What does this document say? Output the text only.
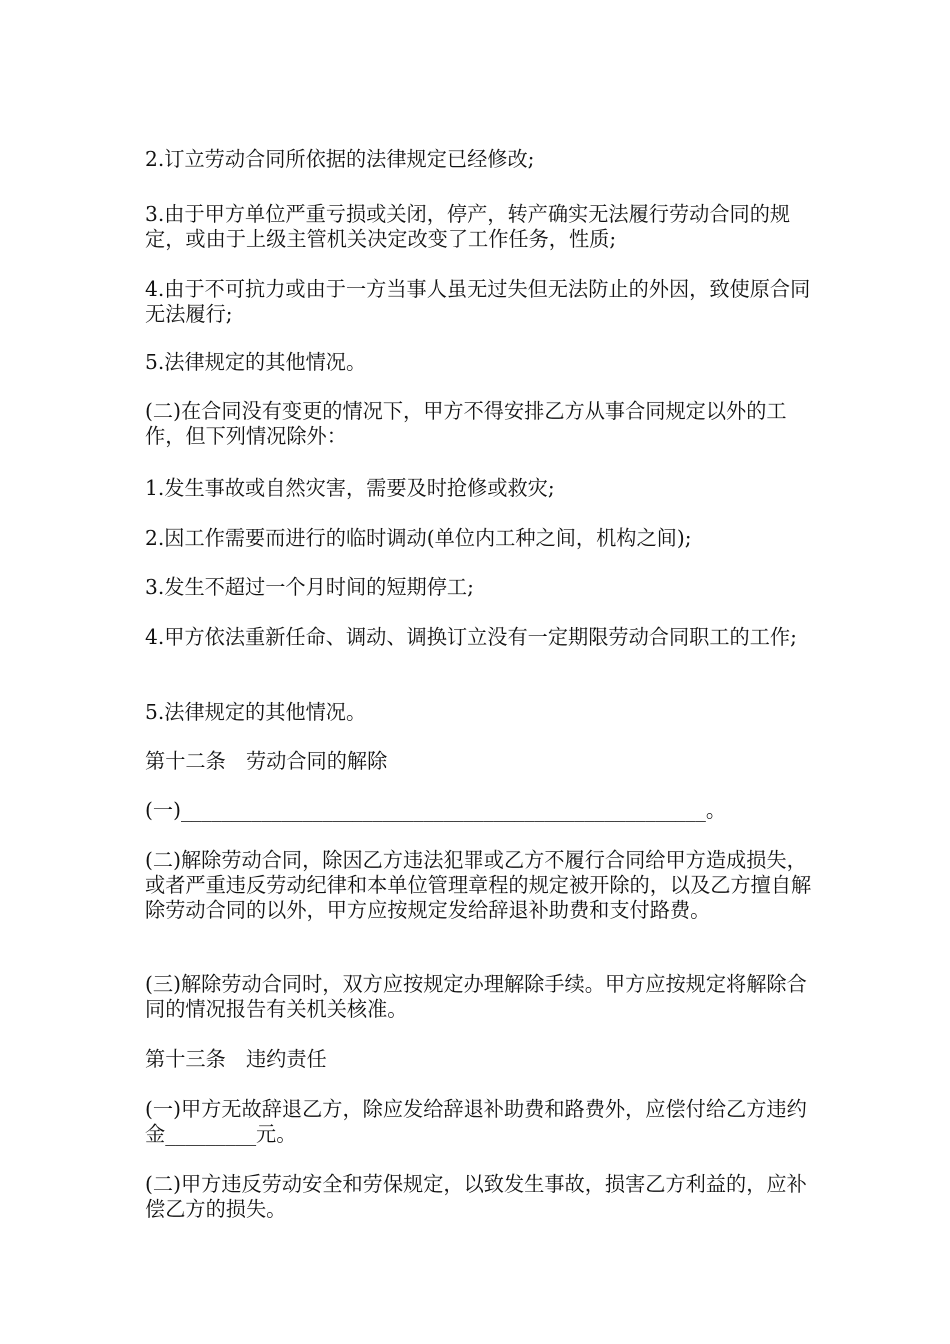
2.订立劳动合同所依据的法律规定已经修改;

3.由于甲方单位严重亏损或关闭，停产，转产确实无法履行劳动合同的规定，或由于上级主管机关决定改变了工作任务，性质;

4.由于不可抗力或由于一方当事人虽无过失但无法防止的外因，致使原合同无法履行;

5.法律规定的其他情况。

(二)在合同没有变更的情况下，甲方不得安排乙方从事合同规定以外的工作，但下列情况除外：

1.发生事故或自然灾害，需要及时抢修或救灾;

2.因工作需要而进行的临时调动(单位内工种之间，机构之间);

3.发生不超过一个月时间的短期停工;

4.甲方依法重新任命、调动、调换订立没有一定期限劳动合同职工的工作;

5.法律规定的其他情况。

第十二条　劳动合同的解除

(一)____________________________________________________。

(二)解除劳动合同，除因乙方违法犯罪或乙方不履行合同给甲方造成损失，或者严重违反劳动纪律和本单位管理章程的规定被开除的，以及乙方擅自解除劳动合同的以外，甲方应按规定发给辞退补助费和支付路费。

(三)解除劳动合同时，双方应按规定办理解除手续。甲方应按规定将解除合同的情况报告有关机关核准。

第十三条　违约责任

(一)甲方无故辞退乙方，除应发给辞退补助费和路费外，应偿付给乙方违约金_________元。

(二)甲方违反劳动安全和劳保规定，以致发生事故，损害乙方利益的，应补偿乙方的损失。
